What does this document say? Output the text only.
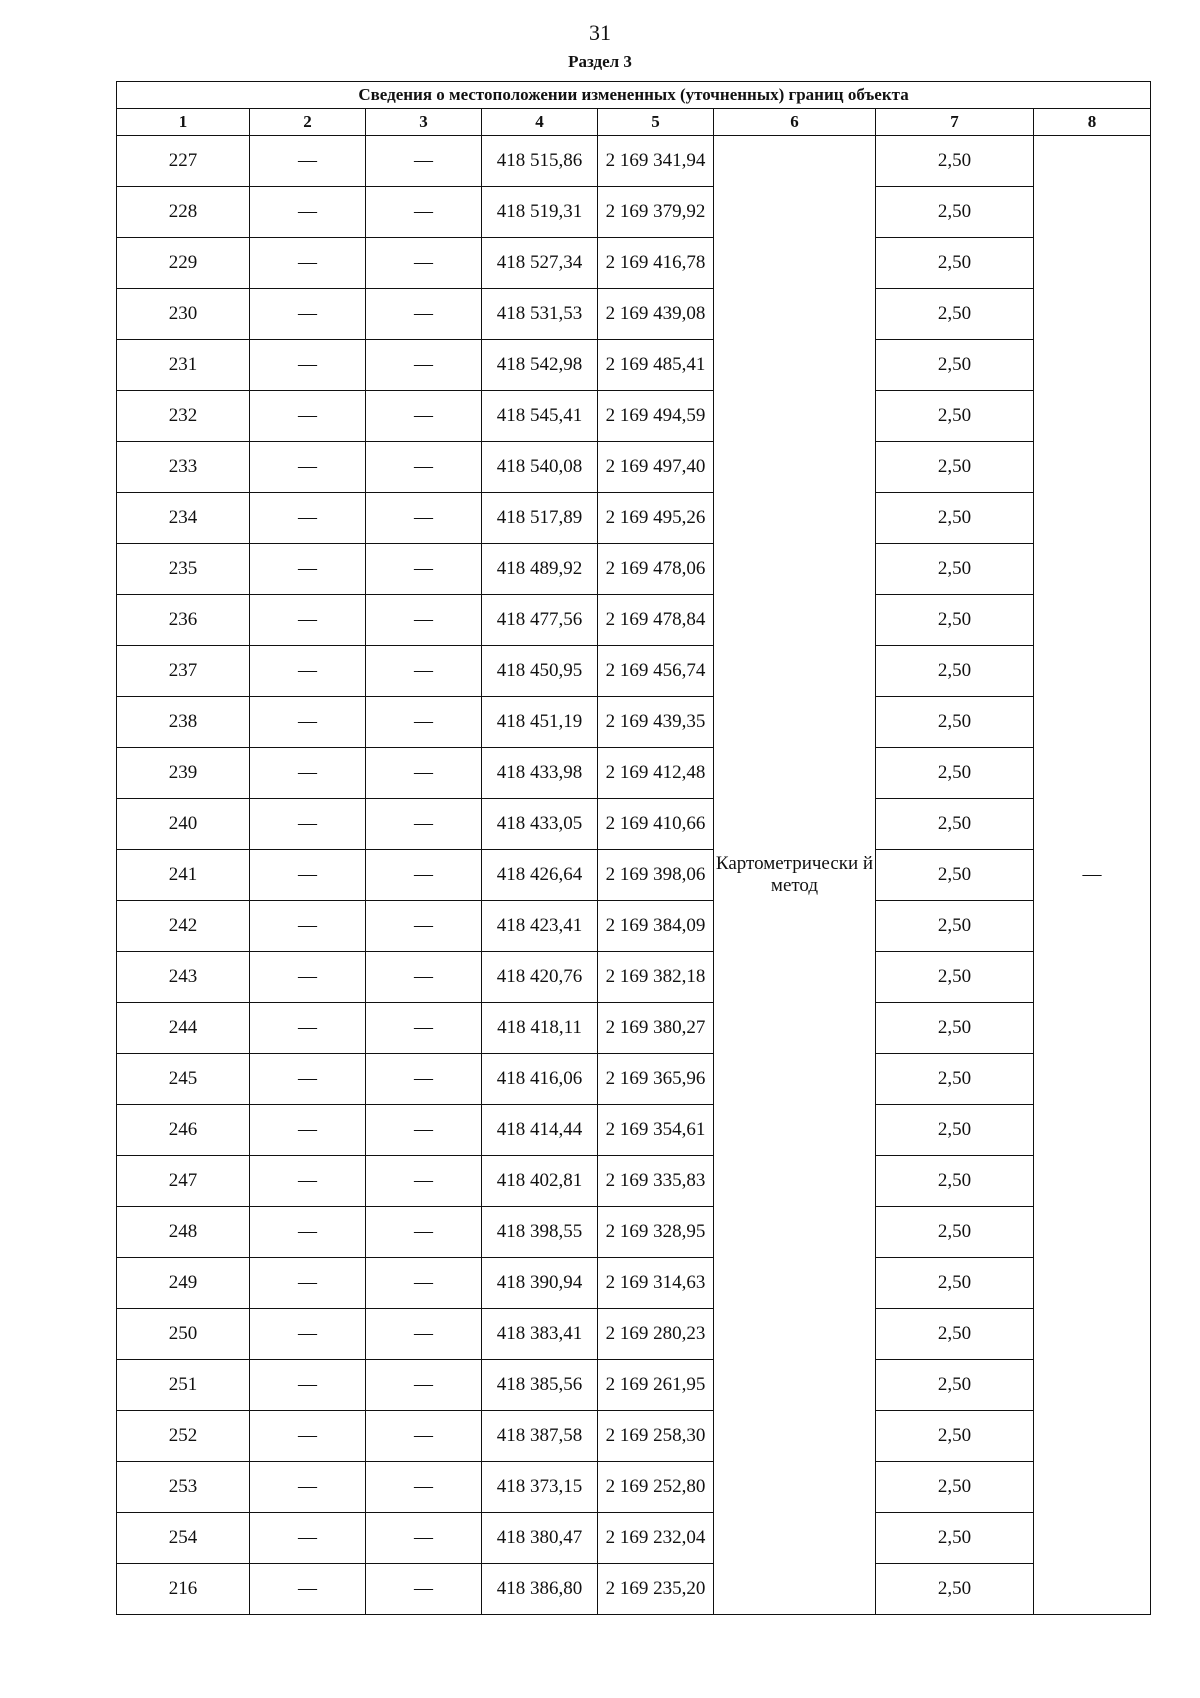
31
Раздел 3
Сведения о местоположении измененных (уточненных) границ объекта							
1	2	3	4	5	6	7	8
227	—	—	418 515,86	2 169 341,94	Картометрически й метод	2,50	—
228	—	—	418 519,31	2 169 379,92		2,50	
229	—	—	418 527,34	2 169 416,78		2,50	
230	—	—	418 531,53	2 169 439,08		2,50	
231	—	—	418 542,98	2 169 485,41		2,50	
232	—	—	418 545,41	2 169 494,59		2,50	
233	—	—	418 540,08	2 169 497,40		2,50	
234	—	—	418 517,89	2 169 495,26		2,50	
235	—	—	418 489,92	2 169 478,06		2,50	
236	—	—	418 477,56	2 169 478,84		2,50	
237	—	—	418 450,95	2 169 456,74		2,50	
238	—	—	418 451,19	2 169 439,35		2,50	
239	—	—	418 433,98	2 169 412,48		2,50	
240	—	—	418 433,05	2 169 410,66		2,50	
241	—	—	418 426,64	2 169 398,06		2,50	
242	—	—	418 423,41	2 169 384,09		2,50	
243	—	—	418 420,76	2 169 382,18		2,50	
244	—	—	418 418,11	2 169 380,27		2,50	
245	—	—	418 416,06	2 169 365,96		2,50	
246	—	—	418 414,44	2 169 354,61		2,50	
247	—	—	418 402,81	2 169 335,83		2,50	
248	—	—	418 398,55	2 169 328,95		2,50	
249	—	—	418 390,94	2 169 314,63		2,50	
250	—	—	418 383,41	2 169 280,23		2,50	
251	—	—	418 385,56	2 169 261,95		2,50	
252	—	—	418 387,58	2 169 258,30		2,50	
253	—	—	418 373,15	2 169 252,80		2,50	
254	—	—	418 380,47	2 169 232,04		2,50	
216	—	—	418 386,80	2 169 235,20		2,50	
